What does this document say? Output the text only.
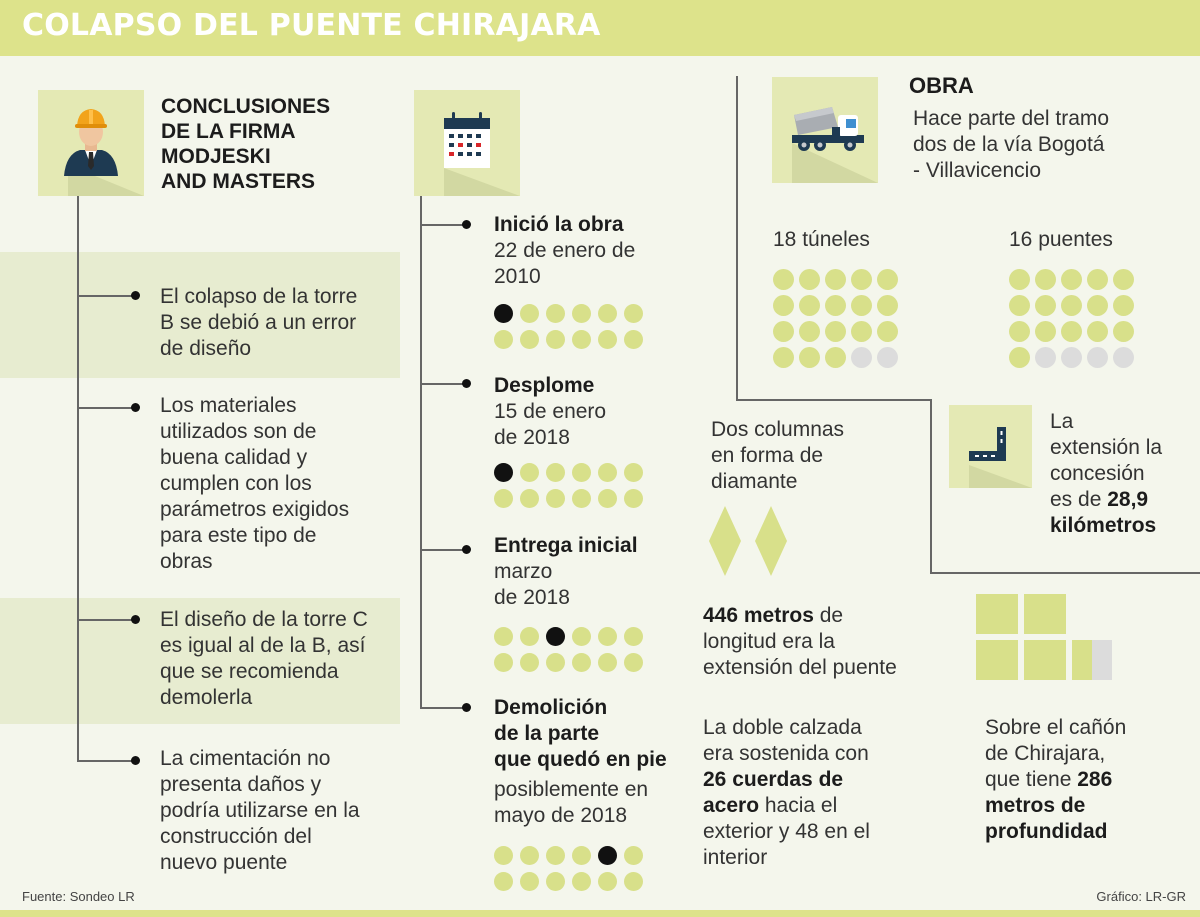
COLAPSO DEL PUENTE CHIRAJARA
CONCLUSIONES
DE LA FIRMA
MODJESKI
AND MASTERS
El colapso de la torre
B se debió a un error
de diseño
Los materiales
utilizados son de
buena calidad y
cumplen con los
parámetros exigidos
para este tipo de
obras
El diseño de la torre C
es igual al de la B, así
que se recomienda
demolerla
La cimentación no
presenta daños y
podría utilizarse en la
construcción del
nuevo puente
Inició la obra
22 de enero de
2010
Desplome
15 de enero
de 2018
Entrega inicial
marzo
de 2018
Demolición
de la parte
que quedó en pie
posiblemente en
mayo de 2018
OBRA
Hace parte del tramo
dos de la vía Bogotá
- Villavicencio
18 túneles	16 puentes
La
extensión la
concesión
es de 28,9
kilómetros
Dos columnas
en forma de
diamante
446 metros de
longitud era la
extensión del puente
La doble calzada
era sostenida con
26 cuerdas de
acero hacia el
exterior y 48 en el
interior
Sobre el cañón
de Chirajara,
que tiene 286
metros de
profundidad
Fuente: Sondeo LR	Gráfico: LR-GR
